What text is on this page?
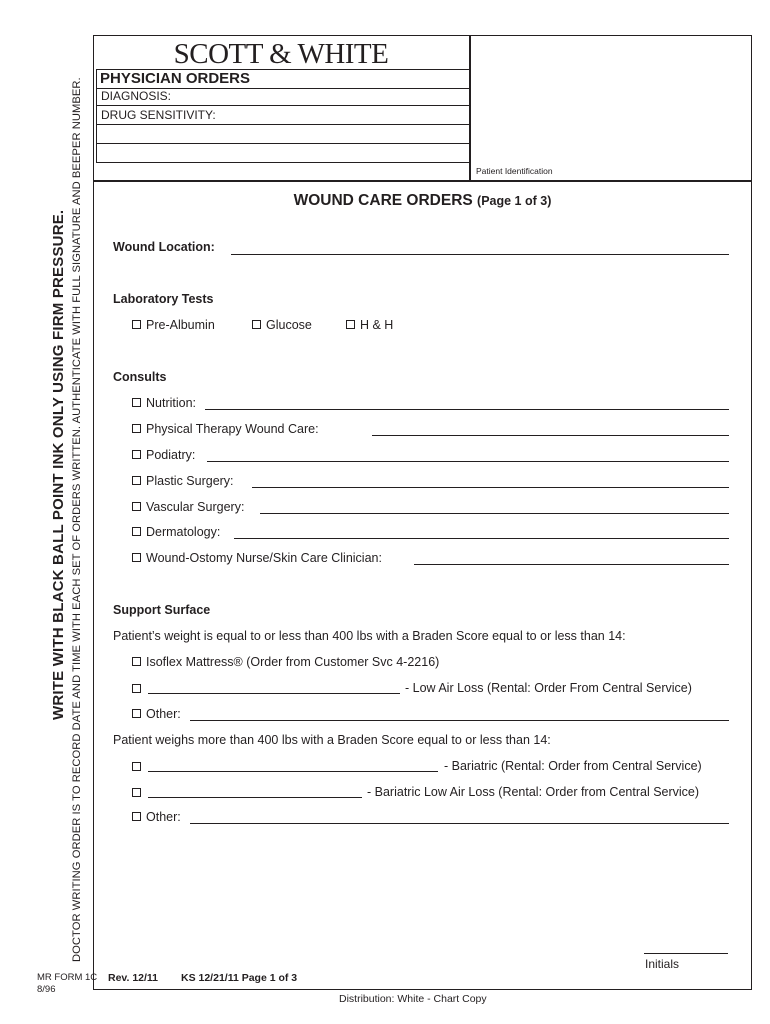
WRITE WITH BLACK BALL POINT INK ONLY USING FIRM PRESSURE. DOCTOR WRITING ORDER IS TO RECORD DATE AND TIME WITH EACH SET OF ORDERS WRITTEN. AUTHENTICATE WITH FULL SIGNATURE AND BEEPER NUMBER.
SCOTT & WHITE
PHYSICIAN ORDERS
DIAGNOSIS:
DRUG SENSITIVITY:
Patient Identification
WOUND CARE ORDERS (Page 1 of 3)
Wound Location:
Laboratory Tests
Pre-Albumin	Glucose	H & H
Consults
Nutrition:
Physical Therapy Wound Care:
Podiatry:
Plastic Surgery:
Vascular Surgery:
Dermatology:
Wound-Ostomy Nurse/Skin Care Clinician:
Support Surface
Patient’s weight is equal to or less than 400 lbs with a Braden Score equal to or less than 14:
Isoflex Mattress® (Order from Customer Svc 4-2216)
- Low Air Loss (Rental: Order From Central Service)
Other:
Patient weighs more than 400 lbs with a Braden Score equal to or less than 14:
- Bariatric (Rental: Order from Central Service)
- Bariatric Low Air Loss (Rental: Order from Central Service)
Other:
Initials
Rev. 12/11 KS 12/21/11 Page 1 of 3
MR FORM 1C
8/96
Distribution: White - Chart Copy
